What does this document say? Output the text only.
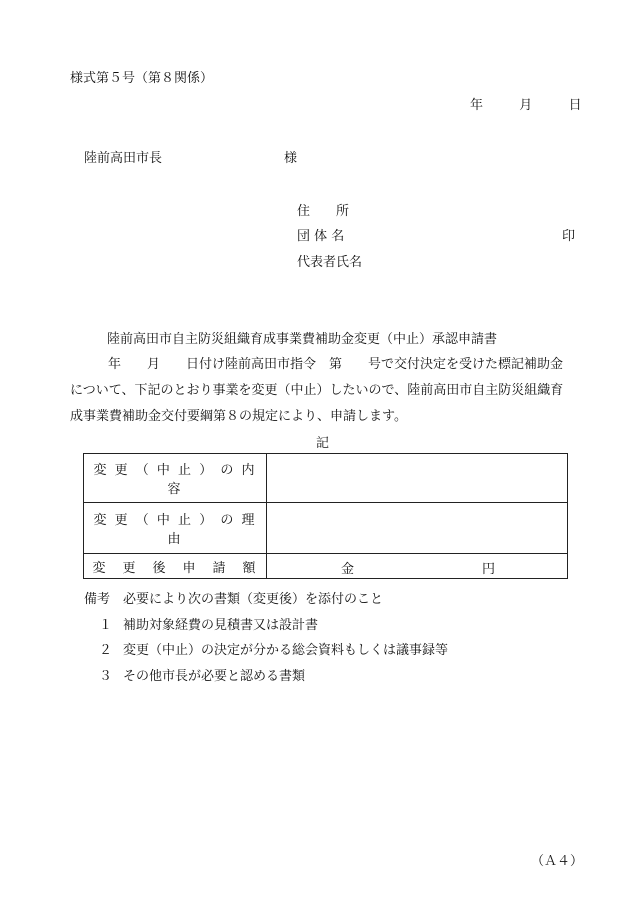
様式第５号（第８関係）
年	月	日
陸前高田市長	様
住　　所
団 体 名	印
代表者氏名
陸前高田市自主防災組織育成事業費補助金変更（中止）承認申請書
年　　月　　日付け陸前高田市指令　第　　号で交付決定を受けた標記補助金
について、下記のとおり事業を変更（中止）したいので、陸前高田市自主防災組織育
成事業費補助金交付要綱第８の規定により、申請します。
記
変 更 （ 中 止 ） の 内 容	
変 更 （ 中 止 ） の 理 由	
変　更　後　申　請　額	金 円
備考 必要により次の書類（変更後）を添付のこと
１ 補助対象経費の見積書又は設計書
２ 変更（中止）の決定が分かる総会資料もしくは議事録等
３ その他市長が必要と認める書類
（Ａ４）
